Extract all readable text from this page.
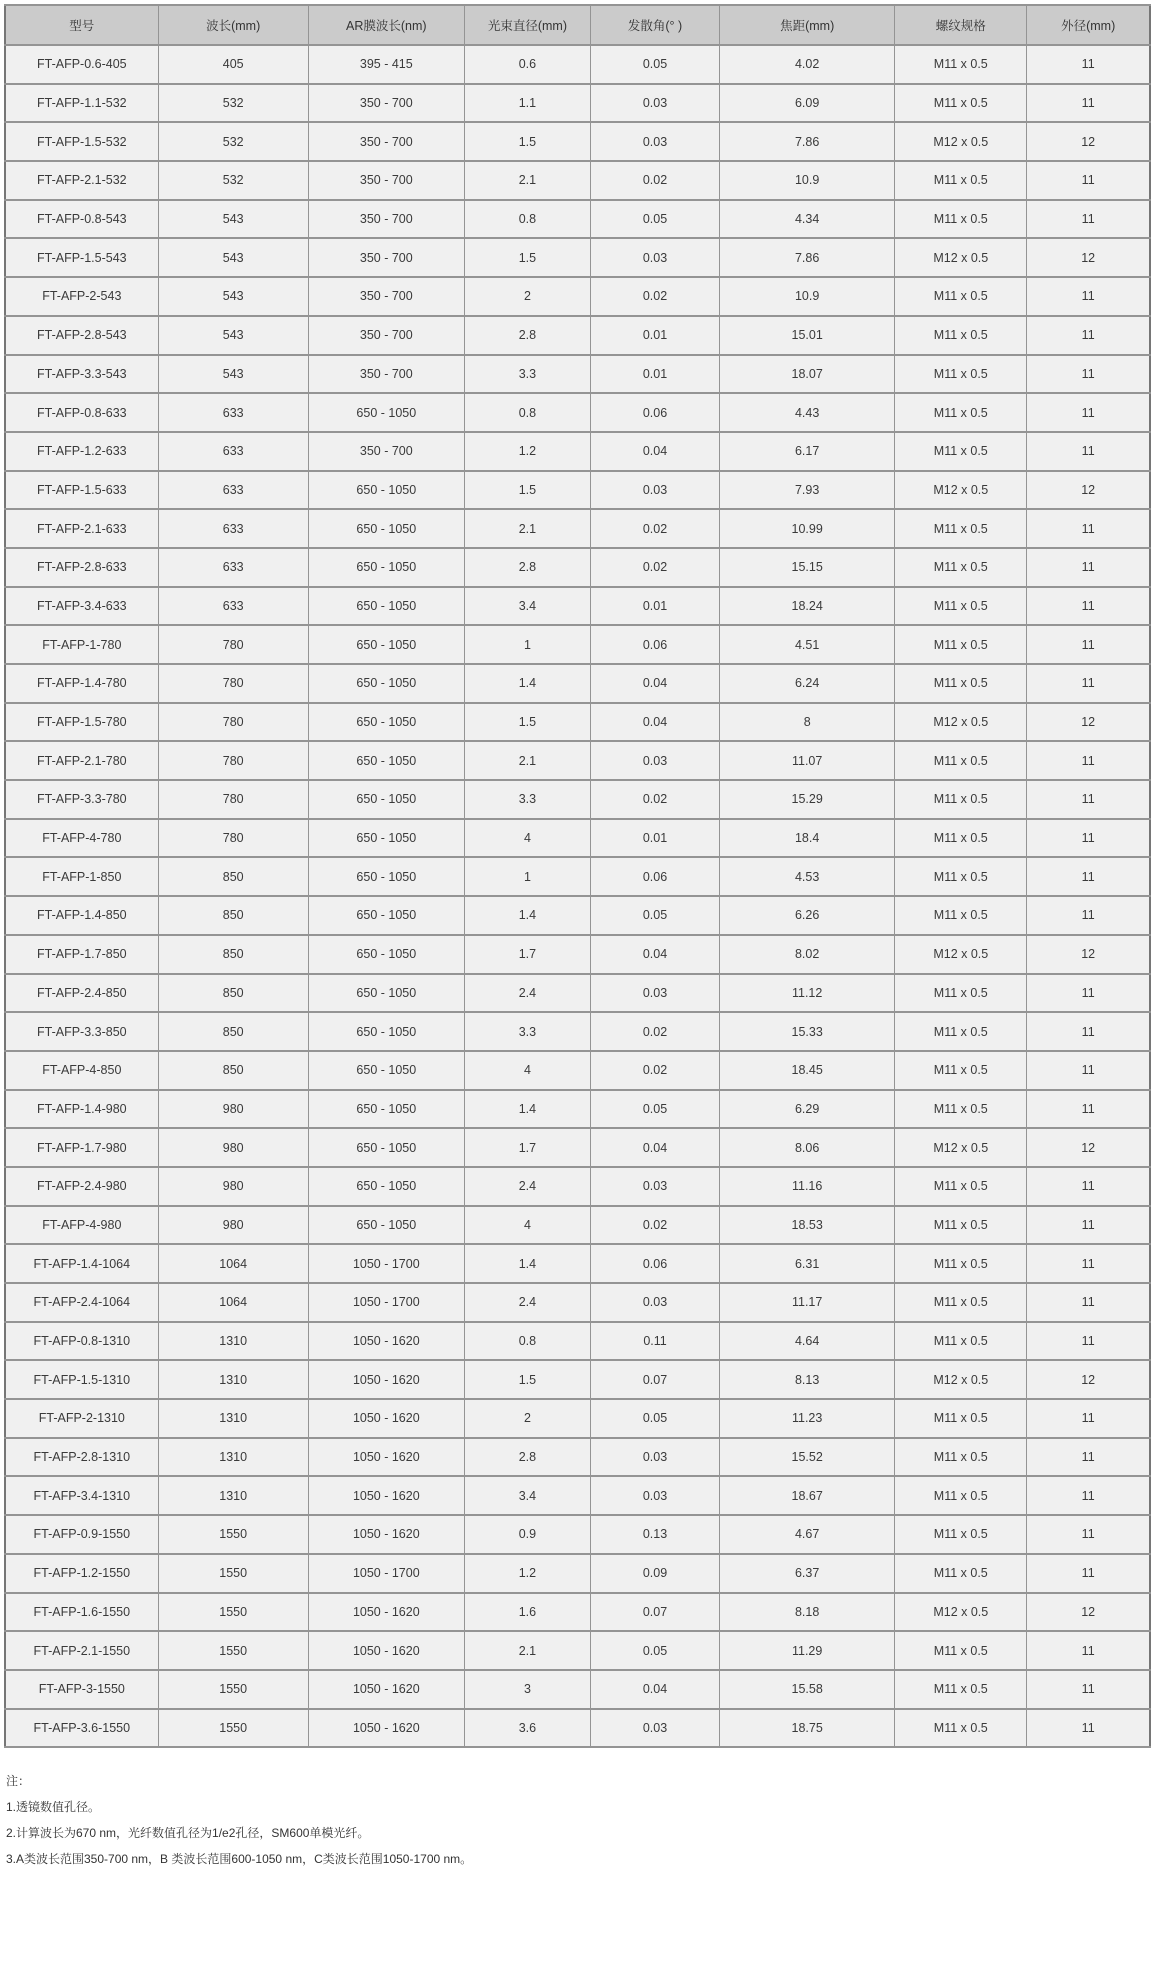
型号	波长(mm)	AR膜波长(nm)	光束直径(mm)	发散角(° )	焦距(mm)	螺纹规格	外径(mm)
FT-AFP-0.6-405	405	395 - 415	0.6	0.05	4.02	M11 x 0.5	11
FT-AFP-1.1-532	532	350 - 700	1.1	0.03	6.09	M11 x 0.5	11
FT-AFP-1.5-532	532	350 - 700	1.5	0.03	7.86	M12 x 0.5	12
FT-AFP-2.1-532	532	350 - 700	2.1	0.02	10.9	M11 x 0.5	11
FT-AFP-0.8-543	543	350 - 700	0.8	0.05	4.34	M11 x 0.5	11
FT-AFP-1.5-543	543	350 - 700	1.5	0.03	7.86	M12 x 0.5	12
FT-AFP-2-543	543	350 - 700	2	0.02	10.9	M11 x 0.5	11
FT-AFP-2.8-543	543	350 - 700	2.8	0.01	15.01	M11 x 0.5	11
FT-AFP-3.3-543	543	350 - 700	3.3	0.01	18.07	M11 x 0.5	11
FT-AFP-0.8-633	633	650 - 1050	0.8	0.06	4.43	M11 x 0.5	11
FT-AFP-1.2-633	633	350 - 700	1.2	0.04	6.17	M11 x 0.5	11
FT-AFP-1.5-633	633	650 - 1050	1.5	0.03	7.93	M12 x 0.5	12
FT-AFP-2.1-633	633	650 - 1050	2.1	0.02	10.99	M11 x 0.5	11
FT-AFP-2.8-633	633	650 - 1050	2.8	0.02	15.15	M11 x 0.5	11
FT-AFP-3.4-633	633	650 - 1050	3.4	0.01	18.24	M11 x 0.5	11
FT-AFP-1-780	780	650 - 1050	1	0.06	4.51	M11 x 0.5	11
FT-AFP-1.4-780	780	650 - 1050	1.4	0.04	6.24	M11 x 0.5	11
FT-AFP-1.5-780	780	650 - 1050	1.5	0.04	8	M12 x 0.5	12
FT-AFP-2.1-780	780	650 - 1050	2.1	0.03	11.07	M11 x 0.5	11
FT-AFP-3.3-780	780	650 - 1050	3.3	0.02	15.29	M11 x 0.5	11
FT-AFP-4-780	780	650 - 1050	4	0.01	18.4	M11 x 0.5	11
FT-AFP-1-850	850	650 - 1050	1	0.06	4.53	M11 x 0.5	11
FT-AFP-1.4-850	850	650 - 1050	1.4	0.05	6.26	M11 x 0.5	11
FT-AFP-1.7-850	850	650 - 1050	1.7	0.04	8.02	M12 x 0.5	12
FT-AFP-2.4-850	850	650 - 1050	2.4	0.03	11.12	M11 x 0.5	11
FT-AFP-3.3-850	850	650 - 1050	3.3	0.02	15.33	M11 x 0.5	11
FT-AFP-4-850	850	650 - 1050	4	0.02	18.45	M11 x 0.5	11
FT-AFP-1.4-980	980	650 - 1050	1.4	0.05	6.29	M11 x 0.5	11
FT-AFP-1.7-980	980	650 - 1050	1.7	0.04	8.06	M12 x 0.5	12
FT-AFP-2.4-980	980	650 - 1050	2.4	0.03	11.16	M11 x 0.5	11
FT-AFP-4-980	980	650 - 1050	4	0.02	18.53	M11 x 0.5	11
FT-AFP-1.4-1064	1064	1050 - 1700	1.4	0.06	6.31	M11 x 0.5	11
FT-AFP-2.4-1064	1064	1050 - 1700	2.4	0.03	11.17	M11 x 0.5	11
FT-AFP-0.8-1310	1310	1050 - 1620	0.8	0.11	4.64	M11 x 0.5	11
FT-AFP-1.5-1310	1310	1050 - 1620	1.5	0.07	8.13	M12 x 0.5	12
FT-AFP-2-1310	1310	1050 - 1620	2	0.05	11.23	M11 x 0.5	11
FT-AFP-2.8-1310	1310	1050 - 1620	2.8	0.03	15.52	M11 x 0.5	11
FT-AFP-3.4-1310	1310	1050 - 1620	3.4	0.03	18.67	M11 x 0.5	11
FT-AFP-0.9-1550	1550	1050 - 1620	0.9	0.13	4.67	M11 x 0.5	11
FT-AFP-1.2-1550	1550	1050 - 1700	1.2	0.09	6.37	M11 x 0.5	11
FT-AFP-1.6-1550	1550	1050 - 1620	1.6	0.07	8.18	M12 x 0.5	12
FT-AFP-2.1-1550	1550	1050 - 1620	2.1	0.05	11.29	M11 x 0.5	11
FT-AFP-3-1550	1550	1050 - 1620	3	0.04	15.58	M11 x 0.5	11
FT-AFP-3.6-1550	1550	1050 - 1620	3.6	0.03	18.75	M11 x 0.5	11
注：
1.透镜数值孔径。
2.计算波长为670 nm，光纤数值孔径为1/e2孔径，SM600单模光纤。
3.A类波长范围350-700 nm，B 类波长范围600-1050 nm，C类波长范围1050-1700 nm。
